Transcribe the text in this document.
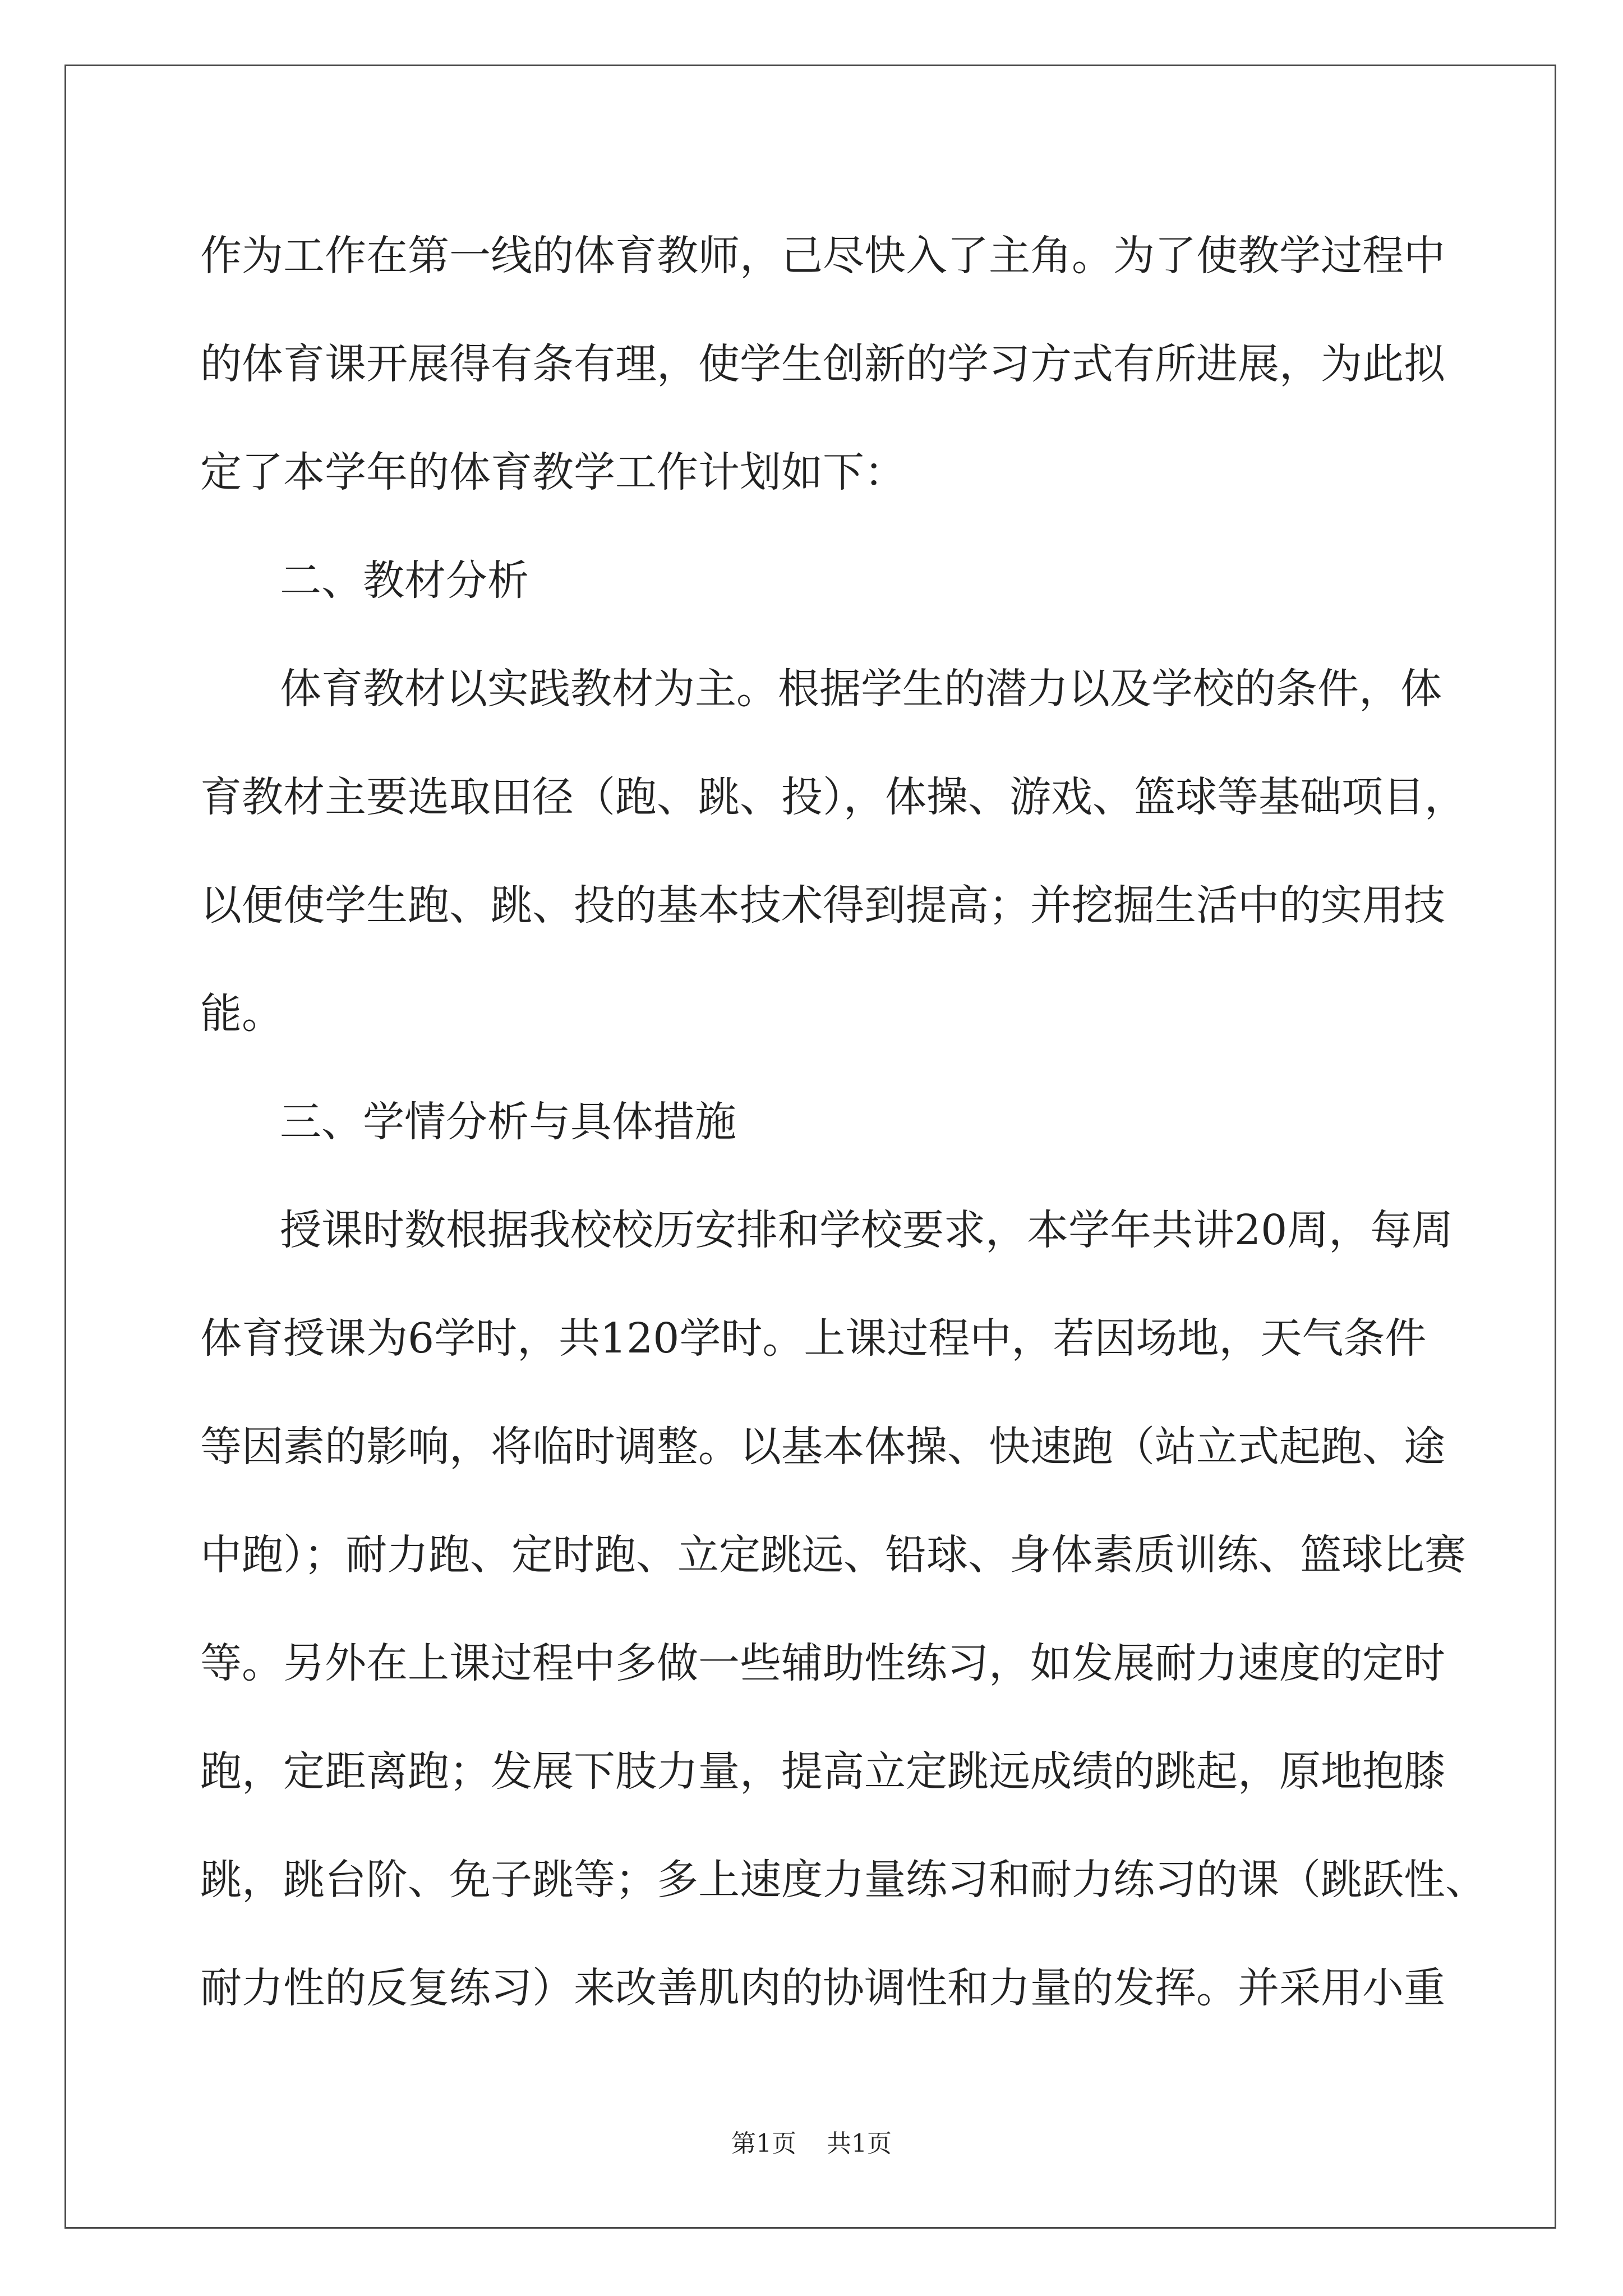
作为工作在第一线的体育教师，己尽快入了主角。为了使教学过程中
的体育课开展得有条有理，使学生创新的学习方式有所进展，为此拟
定了本学年的体育教学工作计划如下：
二、教材分析
体育教材以实践教材为主。根据学生的潜力以及学校的条件，体
育教材主要选取田径（跑、跳、投），体操、游戏、篮球等基础项目，
以便使学生跑、跳、投的基本技术得到提高；并挖掘生活中的实用技
能。
三、学情分析与具体措施
授课时数根据我校校历安排和学校要求，本学年共讲20周，每周
体育授课为6学时，共120学时。上课过程中，若因场地，天气条件
等因素的影响，将临时调整。以基本体操、快速跑（站立式起跑、途
中跑）；耐力跑、定时跑、立定跳远、铅球、身体素质训练、篮球比赛
等。另外在上课过程中多做一些辅助性练习，如发展耐力速度的定时
跑，定距离跑；发展下肢力量，提高立定跳远成绩的跳起，原地抱膝
跳，跳台阶、免子跳等；多上速度力量练习和耐力练习的课（跳跃性、
耐力性的反复练习）来改善肌肉的协调性和力量的发挥。并采用小重
第1页 共1页
